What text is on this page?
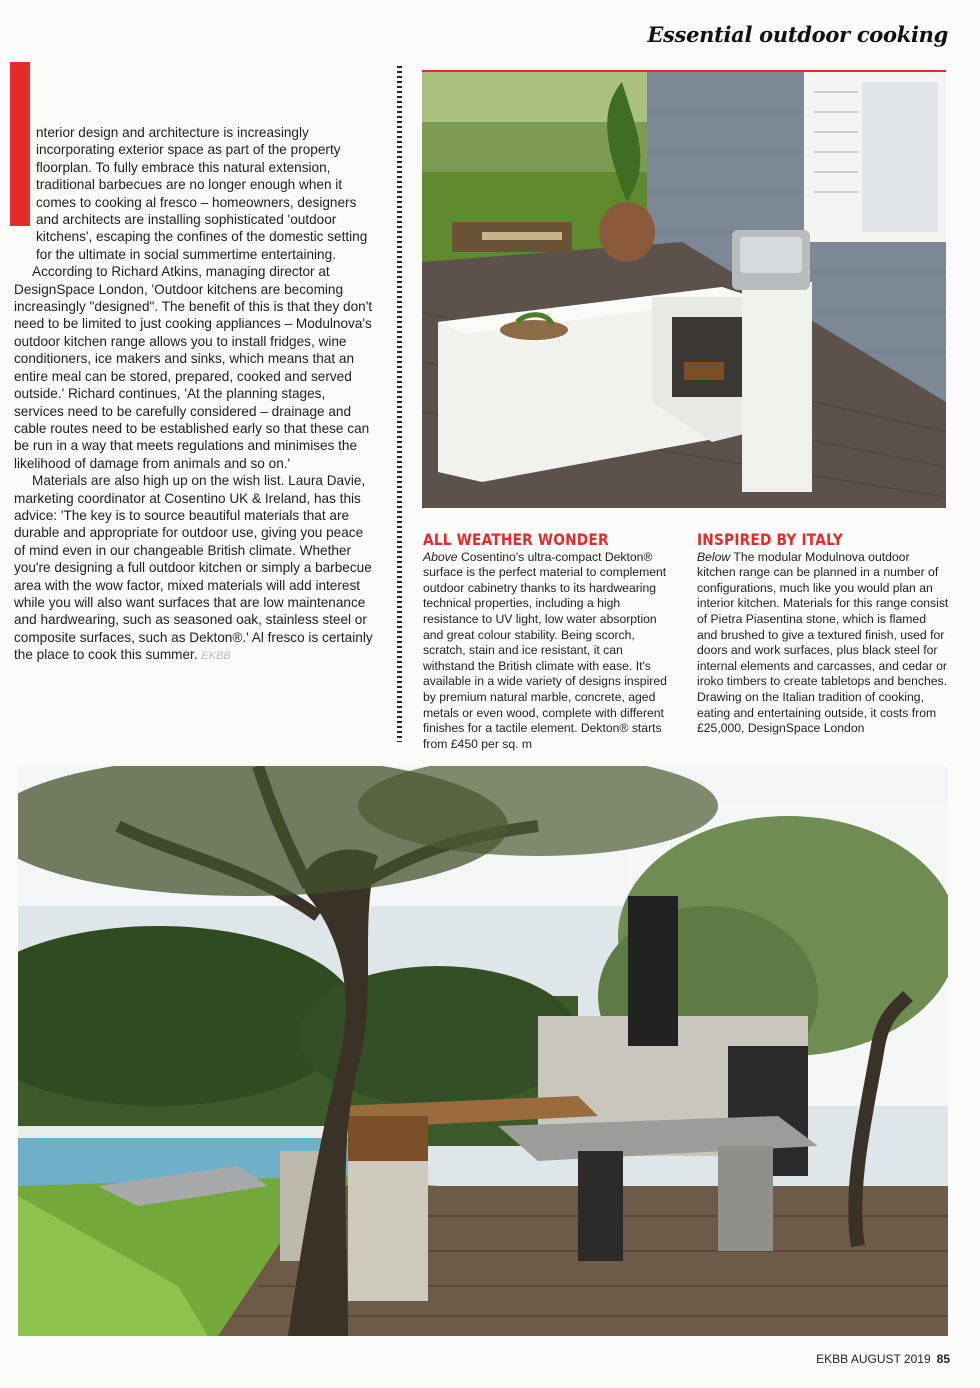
Essential outdoor cooking

nterior design and architecture is increasingly incorporating exterior space as part of the property floorplan. To fully embrace this natural extension, traditional barbecues are no longer enough when it comes to cooking al fresco – homeowners, designers and architects are installing sophisticated 'outdoor kitchens', escaping the confines of the domestic setting for the ultimate in social summertime entertaining.

According to Richard Atkins, managing director at DesignSpace London, 'Outdoor kitchens are becoming increasingly "designed". The benefit of this is that they don't need to be limited to just cooking appliances – Modulnova's outdoor kitchen range allows you to install fridges, wine conditioners, ice makers and sinks, which means that an entire meal can be stored, prepared, cooked and served outside.' Richard continues, 'At the planning stages, services need to be carefully considered – drainage and cable routes need to be established early so that these can be run in a way that meets regulations and minimises the likelihood of damage from animals and so on.'

Materials are also high up on the wish list. Laura Davie, marketing coordinator at Cosentino UK & Ireland, has this advice: 'The key is to source beautiful materials that are durable and appropriate for outdoor use, giving you peace of mind even in our changeable British climate. Whether you're designing a full outdoor kitchen or simply a barbecue area with the wow factor, mixed materials will add interest while you will also want surfaces that are low maintenance and hardwearing, such as seasoned oak, stainless steel or composite surfaces, such as Dekton®.' Al fresco is certainly the place to cook this summer. EKBB

ALL WEATHER WONDER

Above Cosentino's ultra-compact Dekton® surface is the perfect material to complement outdoor cabinetry thanks to its hardwearing technical properties, including a high resistance to UV light, low water absorption and great colour stability. Being scorch, scratch, stain and ice resistant, it can withstand the British climate with ease. It's available in a wide variety of designs inspired by premium natural marble, concrete, aged metals or even wood, complete with different finishes for a tactile element. Dekton® starts from £450 per sq. m

INSPIRED BY ITALY

Below The modular Modulnova outdoor kitchen range can be planned in a number of configurations, much like you would plan an interior kitchen. Materials for this range consist of Pietra Piasentina stone, which is flamed and brushed to give a textured finish, used for doors and work surfaces, plus black steel for internal elements and carcasses, and cedar or iroko timbers to create tabletops and benches. Drawing on the Italian tradition of cooking, eating and entertaining outside, it costs from £25,000, DesignSpace London

EKBB AUGUST 2019 85
